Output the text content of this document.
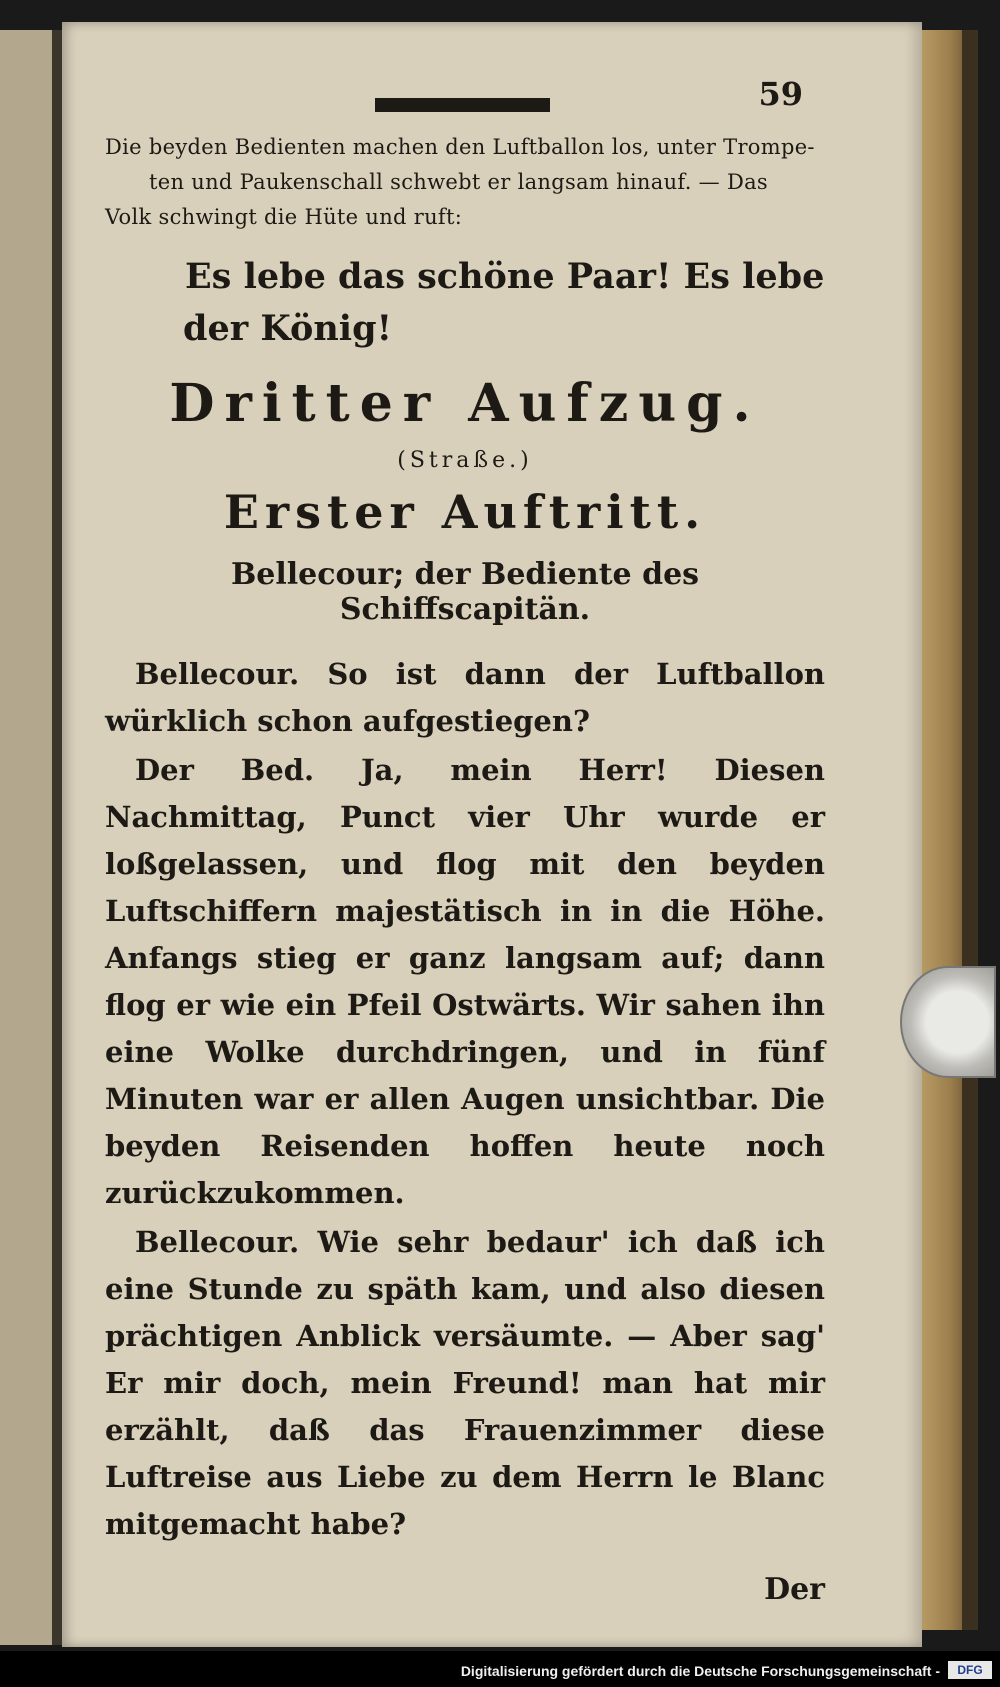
59
Die beyden Bedienten machen den Luftballon los, unter Trompe-
ten und Paukenschall schwebt er langsam hinauf. — Das
Volk schwingt die Hüte und ruft:
Es lebe das schöne Paar! Es lebe
der König!
Dritter Aufzug.
(Straße.)
Erster Auftritt.
Bellecour; der Bediente des Schiffscapitän.

Bellecour. So ist dann der Luftballon würklich schon aufgestiegen?

Der Bed. Ja, mein Herr! Diesen Nachmittag, Punct vier Uhr wurde er loßgelassen, und flog mit den beyden Luftschiffern majestätisch in in die Höhe. Anfangs stieg er ganz langsam auf; dann flog er wie ein Pfeil Ostwärts. Wir sahen ihn eine Wolke durchdringen, und in fünf Minuten war er allen Augen unsichtbar. Die beyden Reisenden hoffen heute noch zurückzukommen.

Bellecour. Wie sehr bedaur' ich daß ich eine Stunde zu späth kam, und also diesen prächtigen Anblick versäumte. — Aber sag' Er mir doch, mein Freund! man hat mir erzählt, daß das Frauenzimmer diese Luftreise aus Liebe zu dem Herrn le Blanc mitgemacht habe?

Der
Digitalisierung gefördert durch die Deutsche Forschungsgemeinschaft -	DFG
